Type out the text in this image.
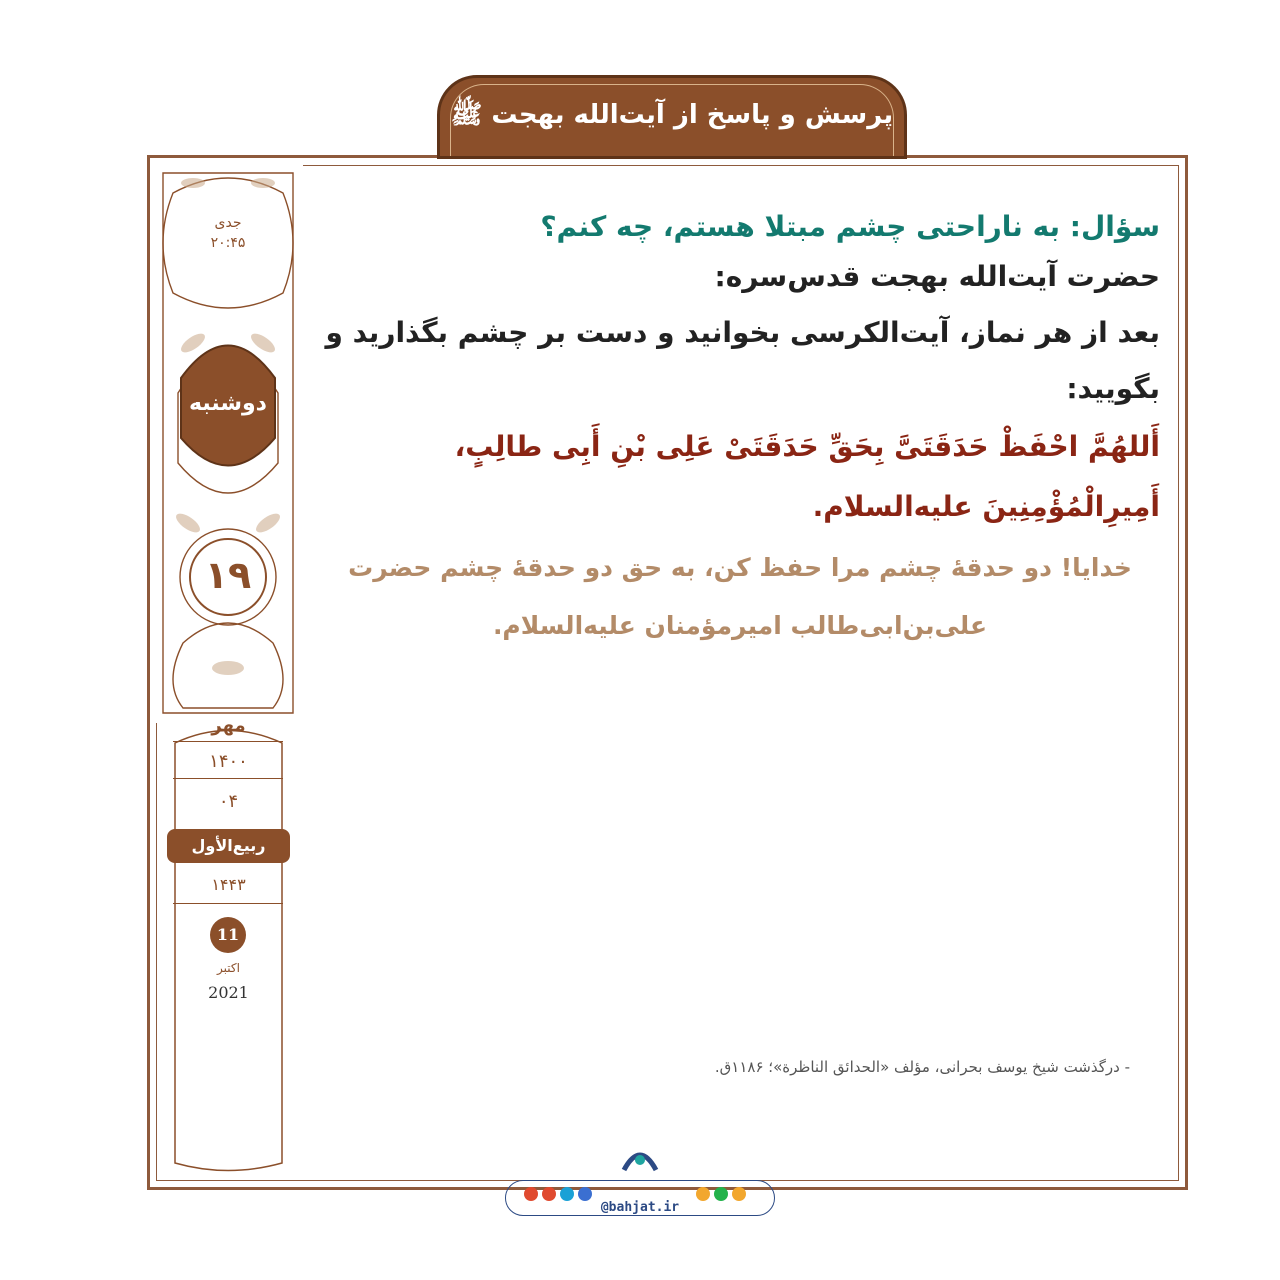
پرسش و پاسخ از آیت‌الله بهجت ﷺ
جدی
۲۰:۴۵
دوشنبه
۱۹
مهر
۱۴۰۰
۰۴
ربیع‌الأول
۱۴۴۳
11
اکتبر
2021
سؤال: به ناراحتی چشم مبتلا هستم، چه کنم؟
حضرت آیت‌الله بهجت قدس‌سره:
بعد از هر نماز، آیت‌الکرسی بخوانید و دست بر چشم بگذارید و
بگویید:
أَللهُمَّ احْفَظْ حَدَقَتَیَّ بِحَقِّ حَدَقَتَیْ عَلِی بْنِ أَبِی طالِبٍ، أَمِیرِالْمُؤْمِنِینَ علیه‌السلام.
خدایا! دو حدقۀ چشم مرا حفظ کن، به حق دو حدقۀ چشم حضرت
علی‌بن‌ابی‌طالب امیرمؤمنان علیه‌السلام.
- درگذشت شیخ یوسف بحرانی، مؤلف «الحدائق الناظرة»؛ ۱۱۸۶ق.
@bahjat.ir
